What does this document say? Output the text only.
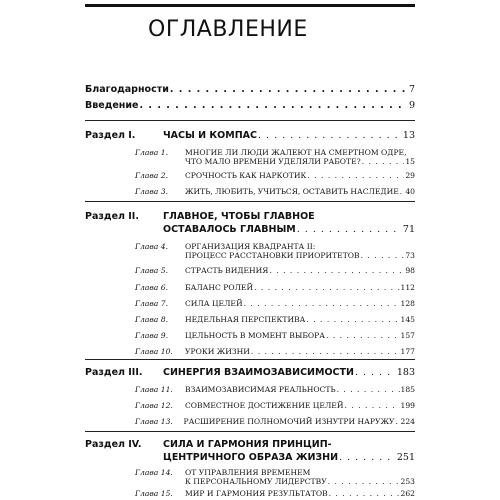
ОГЛАВЛЕНИЕ
Благодарности . . .	7
Введение . . .	9
Раздел I.	ЧАСЫ И КОМПАС . . .	13
Глава 1.	МНОГИЕ ЛИ ЛЮДИ ЖАЛЕЮТ НА СМЕРТНОМ ОДРЕ,
ЧТО МАЛО ВРЕМЕНИ УДЕЛЯЛИ РАБОТЕ? . . .	15
Глава 2.	СРОЧНОСТЬ КАК НАРКОТИК . . .	29
Глава 3.	ЖИТЬ, ЛЮБИТЬ, УЧИТЬСЯ, ОСТАВИТЬ НАСЛЕДИЕ . . . 40
Раздел II.	ГЛАВНОЕ, ЧТОБЫ ГЛАВНОЕ
ОСТАВАЛОСЬ ГЛАВНЫМ . . .	71
Глава 4.	ОРГАНИЗАЦИЯ КВАДРАНТА II:
ПРОЦЕСС РАССТАНОВКИ ПРИОРИТЕТОВ . . .	73
Глава 5.	СТРАСТЬ ВИДЕНИЯ . . .	98
Глава 6.	БАЛАНС РОЛЕЙ . . .	112
Глава 7.	СИЛА ЦЕЛЕЙ . . .	128
Глава 8.	НЕДЕЛЬНАЯ ПЕРСПЕКТИВА . . .	145
Глава 9.	ЦЕЛЬНОСТЬ В МОМЕНТ ВЫБОРА . . .	157
Глава 10.	УРОКИ ЖИЗНИ . . .	177
Раздел III.	СИНЕРГИЯ ВЗАИМОЗАВИСИМОСТИ . . .	183
Глава 11.	ВЗАИМОЗАВИСИМАЯ РЕАЛЬНОСТЬ . . .	185
Глава 12.	СОВМЕСТНОЕ ДОСТИЖЕНИЕ ЦЕЛЕЙ . . .	199
Глава 13.	РАСШИРЕНИЕ ПОЛНОМОЧИЙ ИЗНУТРИ НАРУЖУ . . . 224
Раздел IV.	СИЛА И ГАРМОНИЯ ПРИНЦИП-
ЦЕНТРИЧНОГО ОБРАЗА ЖИЗНИ . . .	251
Глава 14.	ОТ УПРАВЛЕНИЯ ВРЕМЕНЕМ
К ПЕРСОНАЛЬНОМУ ЛИДЕРСТВУ . . .	253
Глава 15.	МИР И ГАРМОНИЯ РЕЗУЛЬТАТОВ . . .	262
